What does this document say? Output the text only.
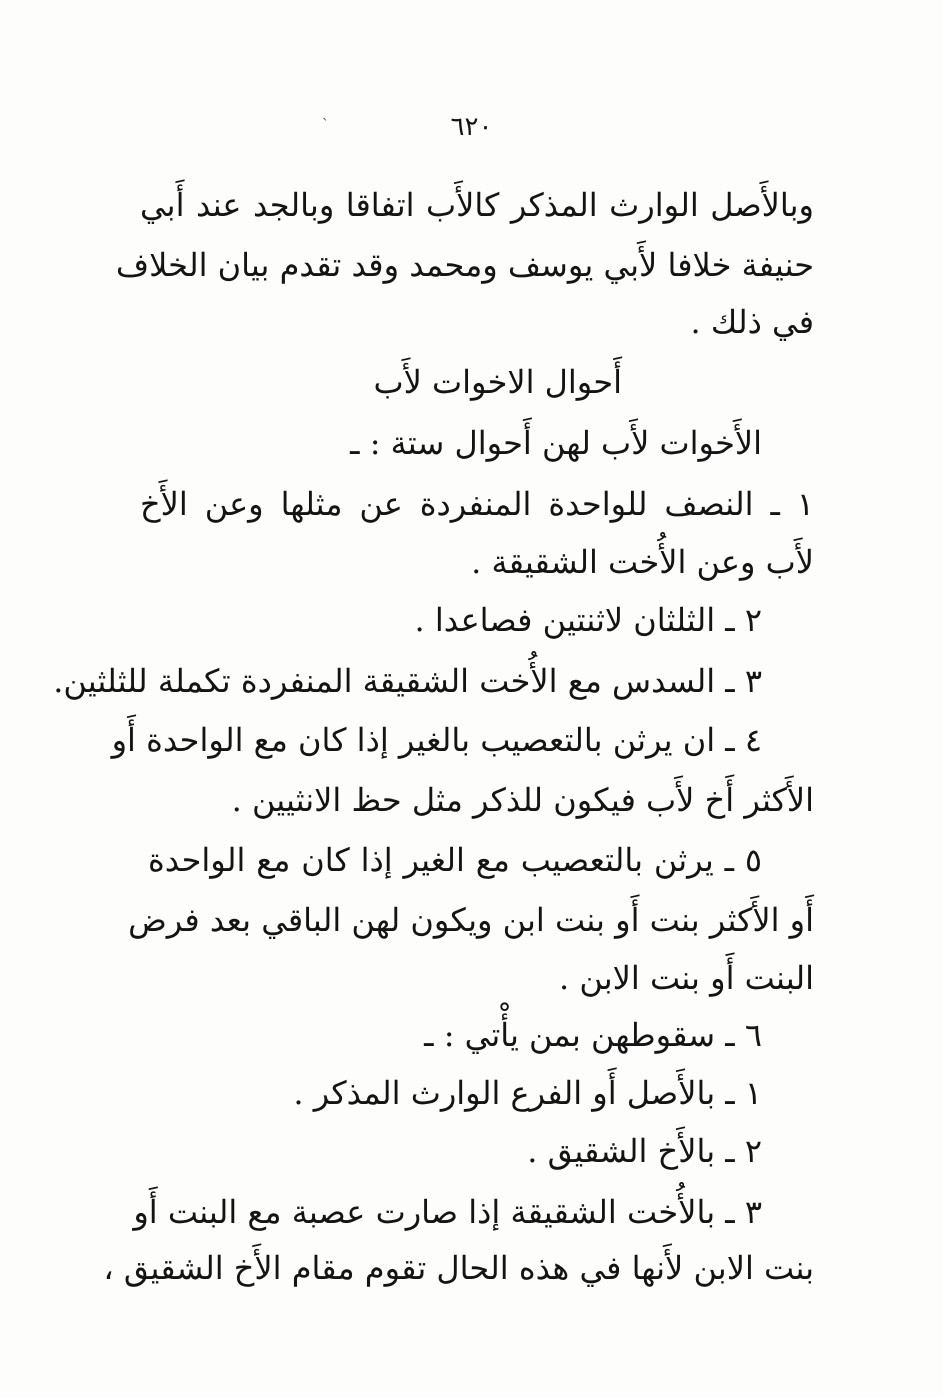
`	٦٢٠
وبالأَصل الوارث المذكر كالأَب اتفاقا وبالجد عند أَبي
حنيفة خلافا لأَبي يوسف ومحمد وقد تقدم بيان الخلاف
في ذلك .
أَحوال الاخوات لأَب
الأَخوات لأَب لهن أَحوال ستة : ـ
١ ـ النصف للواحدة المنفردة عن مثلها وعن الأَخ
لأَب وعن الأُخت الشقيقة .
٢ ـ الثلثان لاثنتين فصاعدا .
٣ ـ السدس مع الأُخت الشقيقة المنفردة تكملة للثلثين.
٤ ـ ان يرثن بالتعصيب بالغير إذا كان مع الواحدة أَو
الأَكثر أَخ لأَب فيكون للذكر مثل حظ الانثيين .
٥ ـ يرثن بالتعصيب مع الغير إذا كان مع الواحدة
أَو الأَكثر بنت أَو بنت ابن ويكون لهن الباقي بعد فرض
البنت أَو بنت الابن .
٦ ـ سقوطهن بمن يأْتي : ـ
١ ـ بالأَصل أَو الفرع الوارث المذكر .
٢ ـ بالأَخ الشقيق .
٣ ـ بالأُخت الشقيقة إذا صارت عصبة مع البنت أَو
بنت الابن لأَنها في هذه الحال تقوم مقام الأَخ الشقيق ،
